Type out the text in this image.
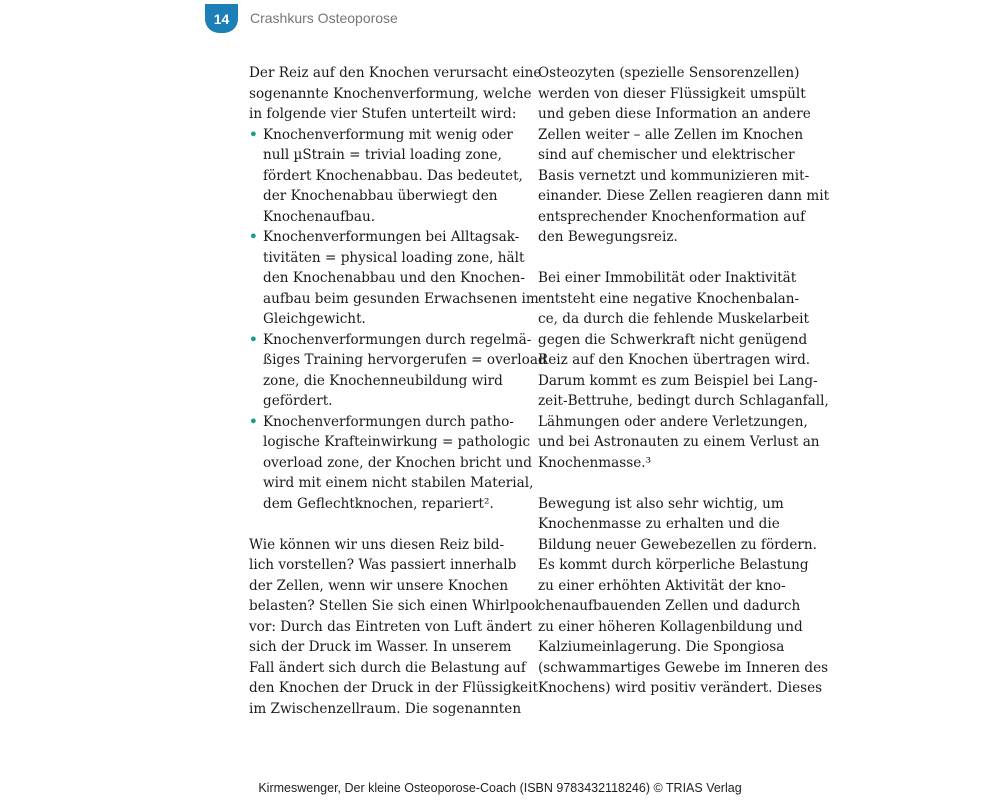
14	Crashkurs Osteoporose
Der Reiz auf den Knochen verursacht eine
sogenannte Knochenverformung, welche
in folgende vier Stufen unterteilt wird:
• Knochenverformung mit wenig oder
null µStrain = trivial loading zone,
fördert Knochenabbau. Das bedeutet,
der Knochenabbau überwiegt den
Knochenaufbau.
• Knochenverformungen bei Alltagsak-
tivitäten = physical loading zone, hält
den Knochenabbau und den Knochen-
aufbau beim gesunden Erwachsenen im
Gleichgewicht.
• Knochenverformungen durch regelmä-
ßiges Training hervorgerufen = overload
zone, die Knochenneubildung wird
gefördert.
• Knochenverformungen durch patho-
logische Krafteinwirkung = pathologic
overload zone, der Knochen bricht und
wird mit einem nicht stabilen Material,
dem Geflechtknochen, repariert².
Wie können wir uns diesen Reiz bild-
lich vorstellen? Was passiert innerhalb
der Zellen, wenn wir unsere Knochen
belasten? Stellen Sie sich einen Whirlpool
vor: Durch das Eintreten von Luft ändert
sich der Druck im Wasser. In unserem
Fall ändert sich durch die Belastung auf
den Knochen der Druck in der Flüssigkeit
im Zwischenzellraum. Die sogenannten
Osteozyten (spezielle Sensorenzellen)
werden von dieser Flüssigkeit umspült
und geben diese Information an andere
Zellen weiter – alle Zellen im Knochen
sind auf chemischer und elektrischer
Basis vernetzt und kommunizieren mit-
einander. Diese Zellen reagieren dann mit
entsprechender Knochenformation auf
den Bewegungsreiz.
Bei einer Immobilität oder Inaktivität
entsteht eine negative Knochenbalan-
ce, da durch die fehlende Muskelarbeit
gegen die Schwerkraft nicht genügend
Reiz auf den Knochen übertragen wird.
Darum kommt es zum Beispiel bei Lang-
zeit-Bettruhe, bedingt durch Schlaganfall,
Lähmungen oder andere Verletzungen,
und bei Astronauten zu einem Verlust an
Knochenmasse.³
Bewegung ist also sehr wichtig, um
Knochenmasse zu erhalten und die
Bildung neuer Gewebezellen zu fördern.
Es kommt durch körperliche Belastung
zu einer erhöhten Aktivität der kno-
chenaufbauenden Zellen und dadurch
zu einer höheren Kollagenbildung und
Kalziumeinlagerung. Die Spongiosa
(schwammartiges Gewebe im Inneren des
Knochens) wird positiv verändert. Dieses
Kirmeswenger, Der kleine Osteoporose-Coach (ISBN 9783432118246) © TRIAS Verlag
